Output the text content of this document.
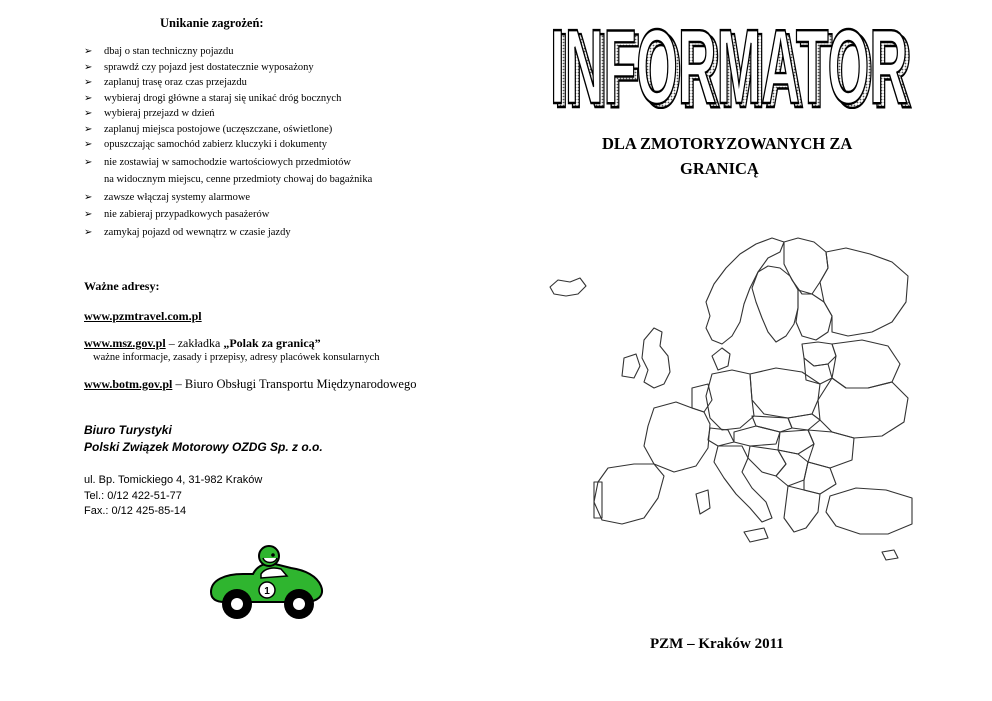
Unikanie zagrożeń:
➢ dbaj o stan techniczny pojazdu
➢ sprawdź czy pojazd jest dostatecznie wyposażony
➢ zaplanuj trasę oraz czas przejazdu
➢ wybieraj drogi główne a staraj się unikać dróg bocznych
➢ wybieraj przejazd w dzień
➢ zaplanuj miejsca postojowe (uczęszczane, oświetlone)
➢ opuszczając samochód zabierz kluczyki i dokumenty
➢ nie zostawiaj w samochodzie wartościowych przedmiotów
na widocznym miejscu, cenne przedmioty chowaj do bagażnika
➢ zawsze włączaj systemy alarmowe
➢ nie zabieraj przypadkowych pasażerów
➢ zamykaj pojazd od wewnątrz w czasie jazdy
Ważne adresy:
www.pzmtravel.com.pl
www.msz.gov.pl – zakładka „Polak za granicą”
ważne informacje, zasady i przepisy, adresy placówek konsularnych
www.botm.gov.pl – Biuro Obsługi Transportu Międzynarodowego
Biuro Turystyki
Polski Związek Motorowy OZDG Sp. z o.o.
ul. Bp. Tomickiego 4, 31-982 Kraków
Tel.: 0/12 422-51-77
Fax.: 0/12 425-85-14
1
INFORMATOR
INFORMATOR
DLA ZMOTORYZOWANYCH ZA
GRANICĄ
PZM – Kraków 2011
